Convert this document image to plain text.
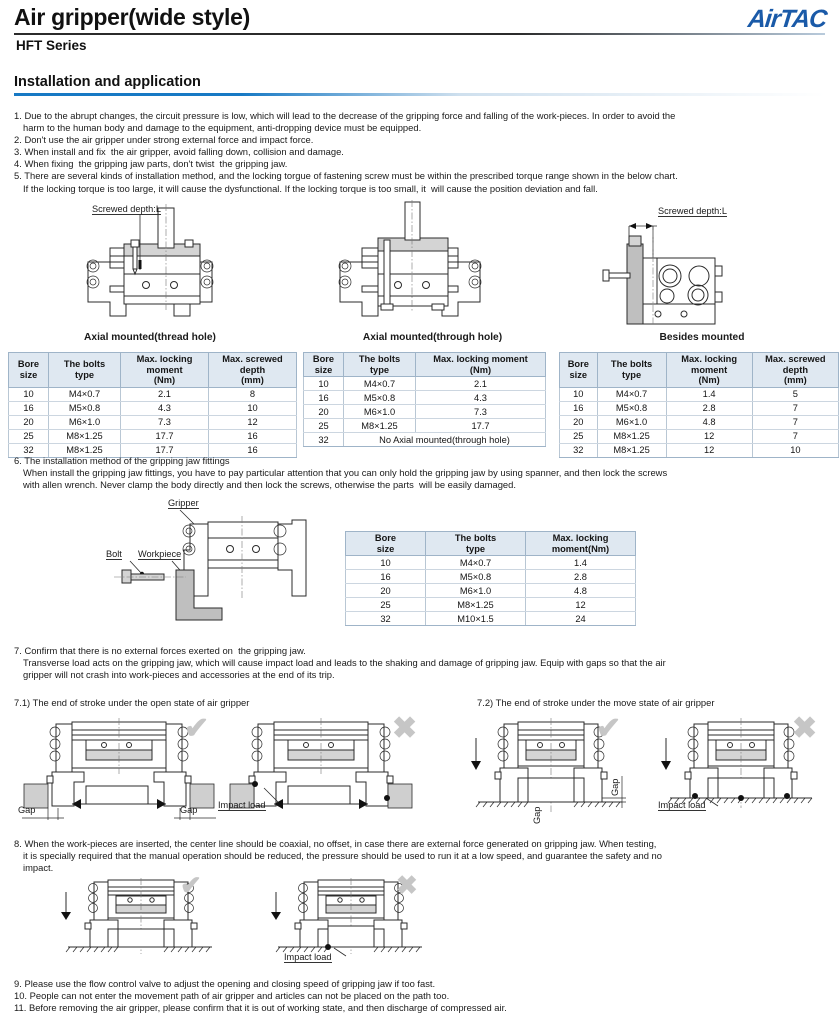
Air gripper(wide style)
HFT Series
AirTAC
Installation and application
1. Due to the abrupt changes, the circuit pressure is low, which will lead to the decrease of the gripping force and falling of the work-pieces. In order to avoid the
harm to the human body and damage to the equipment, anti-dropping device must be equipped.
2. Don't use the air gripper under strong external force and impact force.
3. When install and fix  the air gripper, avoid falling down, collision and damage.
4. When fixing  the gripping jaw parts, don't twist  the gripping jaw.
5. There are several kinds of installation method, and the locking torgue of fastening screw must be within the prescribed torque range shown in the below chart.
If the locking torque is too large, it will cause the dysfunctional. If the locking torque is too small, it  will cause the position deviation and fall.
Screwed depth:L
Axial mounted(thread hole)	Axial mounted(through hole)
Screwed depth:L
Besides mounted
Bore
size	The bolts
type	Max. locking moment
(Nm)	Max. screwed depth
(mm)
10	M4×0.7	2.1	8
16	M5×0.8	4.3	10
20	M6×1.0	7.3	12
25	M8×1.25	17.7	16
32	M8×1.25	17.7	16
Bore
size	The bolts
type	Max. locking moment
(Nm)
10	M4×0.7	2.1
16	M5×0.8	4.3
20	M6×1.0	7.3
25	M8×1.25	17.7
32	No Axial mounted(through hole)	
Bore
size	The bolts
type	Max. locking moment
(Nm)	Max. screwed depth
(mm)
10	M4×0.7	1.4	5
16	M5×0.8	2.8	7
20	M6×1.0	4.8	7
25	M8×1.25	12	7
32	M8×1.25	12	10
6. The installation method of the gripping jaw fittings
When install the gripping jaw fittings, you have to pay particular attention that you can only hold the gripping jaw by using spanner, and then lock the screws
with allen wrench. Never clamp the body directly and then lock the screws, otherwise the parts  will be easily damaged.
Gripper
Bolt Workpiece
Bore
size	The bolts
type	Max. locking moment(Nm)
10	M4×0.7	1.4
16	M5×0.8	2.8
20	M6×1.0	4.8
25	M8×1.25	12
32	M10×1.5	24
7. Confirm that there is no external forces exerted on  the gripping jaw.
Transverse load acts on the gripping jaw, which will cause impact load and leads to the shaking and damage of gripping jaw. Equip with gaps so that the air
gripper will not crash into work-pieces and accessories at the end of its trip.
7.1) The end of stroke under the open state of air gripper	7.2) The end of stroke under the move state of air gripper
✔
Gap	Gap
✖
Impact load
✔
Gap
Gap
✖
Impact load
8. When the work-pieces are inserted, the center line should be coaxial, no offset, in case there are external force generated on gripping jaw. When testing,
it is specially required that the manual operation should be reduced, the pressure should be used to run it at a low speed, and guarantee the safety and no
impact.
✔	✖
Impact load
9. Please use the flow control valve to adjust the opening and closing speed of gripping jaw if too fast.
10. People can not enter the movement path of air gripper and articles can not be placed on the path too.
11. Before removing the air gripper, please confirm that it is out of working state, and then discharge of compressed air.
